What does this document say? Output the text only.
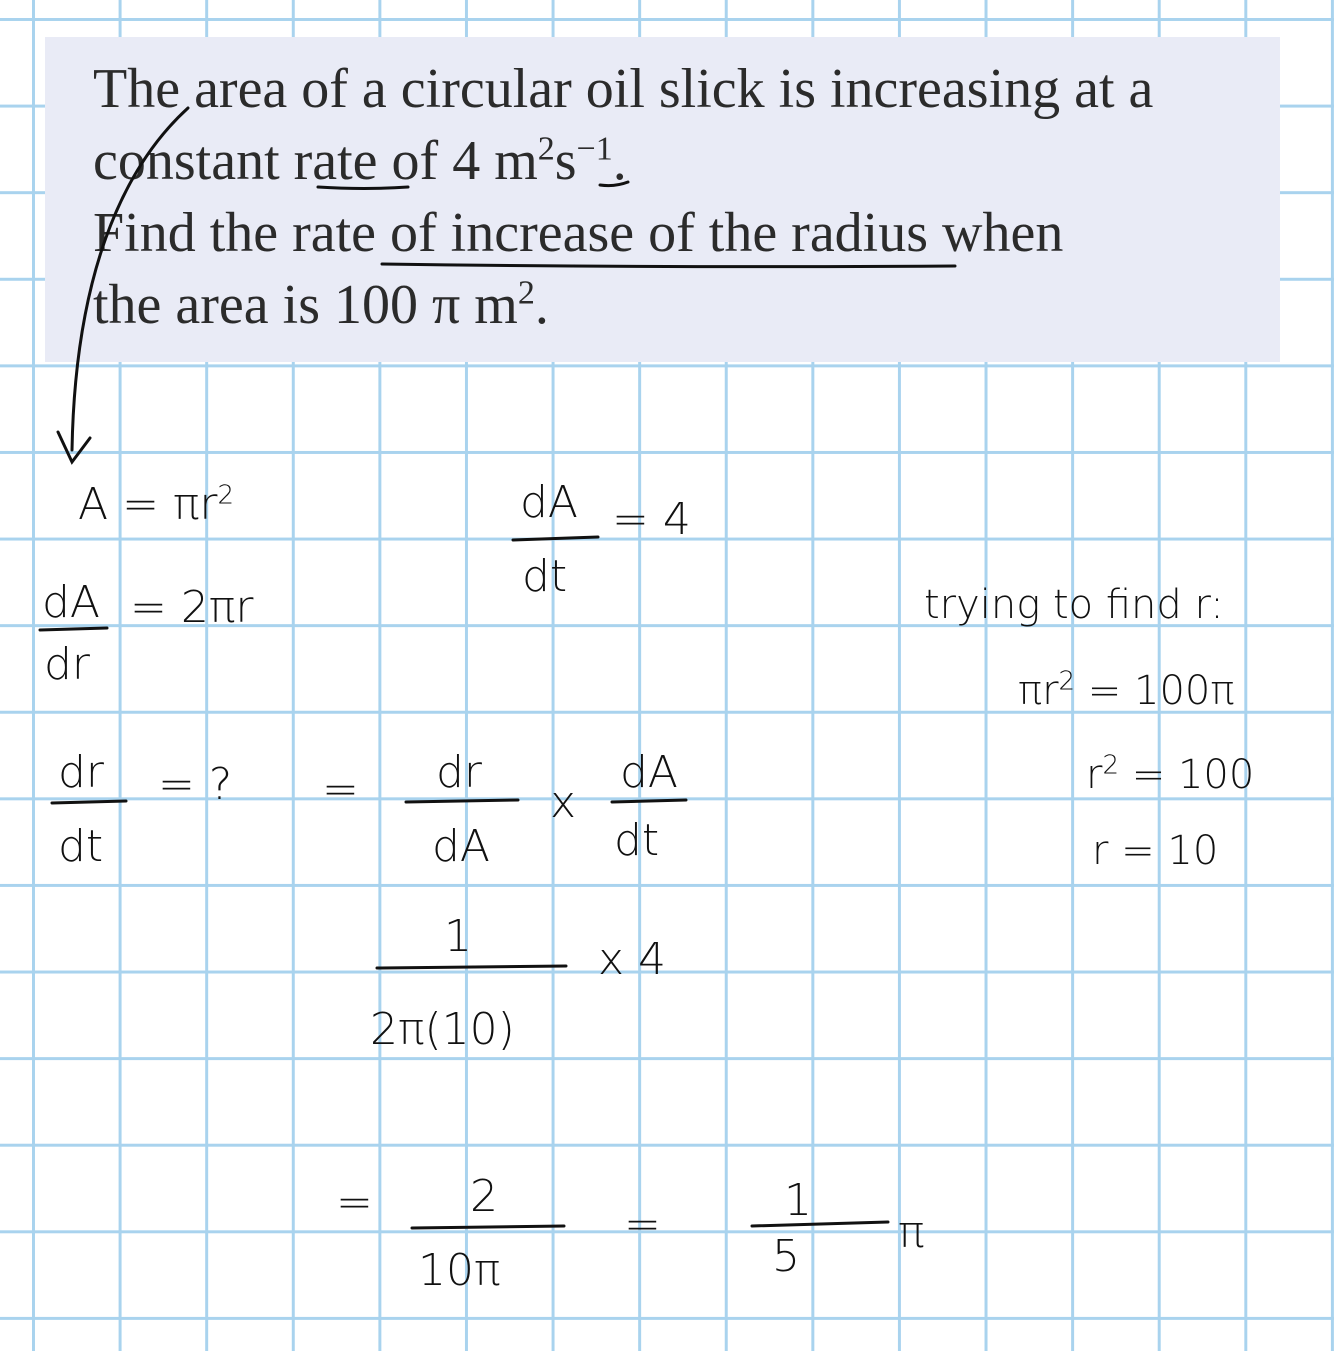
The area of a circular oil slick is increasing at a

constant rate of 4 $m^2s^{-1}$.

Find the rate of increase of the radius when

the area is 100 π $m^2$.

$A = \pi r^2$	dA
dt
= 4
dA
dr
= 2πr
dr
dt
= ? = dr
dA
x
dA
dt
1
2π(10)
x 4
= 2
10π
=	1
5 π
trying to find r:
$\pi r^2 = 100\pi$
$r^2 = 100$
r = 10
